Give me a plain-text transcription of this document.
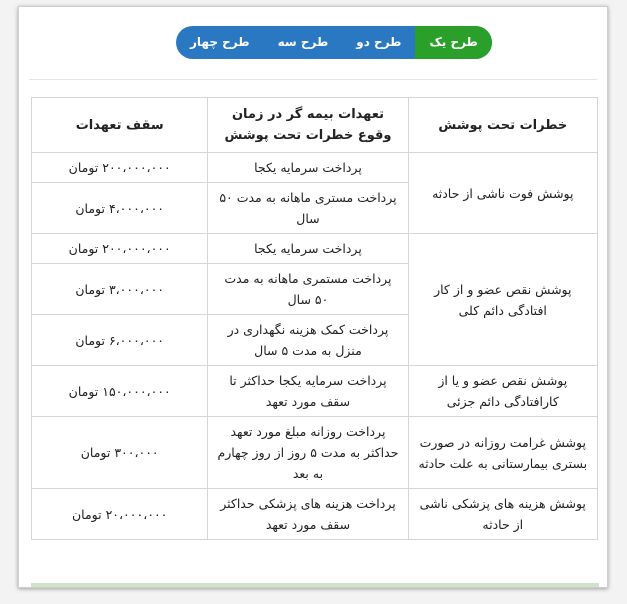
طرح یک
طرح دو
طرح سه
طرح چهار
خطرات تحت پوشش	تعهدات بیمه گر در زمان وقوع خطرات تحت پوشش	سقف تعهدات
پوشش فوت ناشی از حادثه	پرداخت سرمایه یکجا	۲۰۰،۰۰۰،۰۰۰ تومان
	پرداخت مستری ماهانه به مدت ۵۰ سال	۴،۰۰۰،۰۰۰ تومان
پوشش نقص عضو و از کار افتادگی دائم کلی	پرداخت سرمایه یکجا	۲۰۰،۰۰۰،۰۰۰ تومان
	پرداخت مستمری ماهانه به مدت ۵۰ سال	۳،۰۰۰،۰۰۰ تومان
	پرداخت کمک هزینه نگهداری در منزل به مدت ۵ سال	۶،۰۰۰،۰۰۰ تومان
پوشش نقص عضو و یا از کارافتادگی دائم جزئی	پرداخت سرمایه یکجا حداکثر تا سقف مورد تعهد	۱۵۰،۰۰۰،۰۰۰ تومان
پوشش غرامت روزانه در صورت بستری بیمارستانی به علت حادثه	پرداخت روزانه مبلغ مورد تعهد حداکثر به مدت ۵ روز از روز چهارم به بعد	۳۰۰،۰۰۰ تومان
پوشش هزینه های پزشکی ناشی از حادثه	پرداخت هزینه های پزشکی حداکثر سقف مورد تعهد	۲۰،۰۰۰،۰۰۰ تومان
